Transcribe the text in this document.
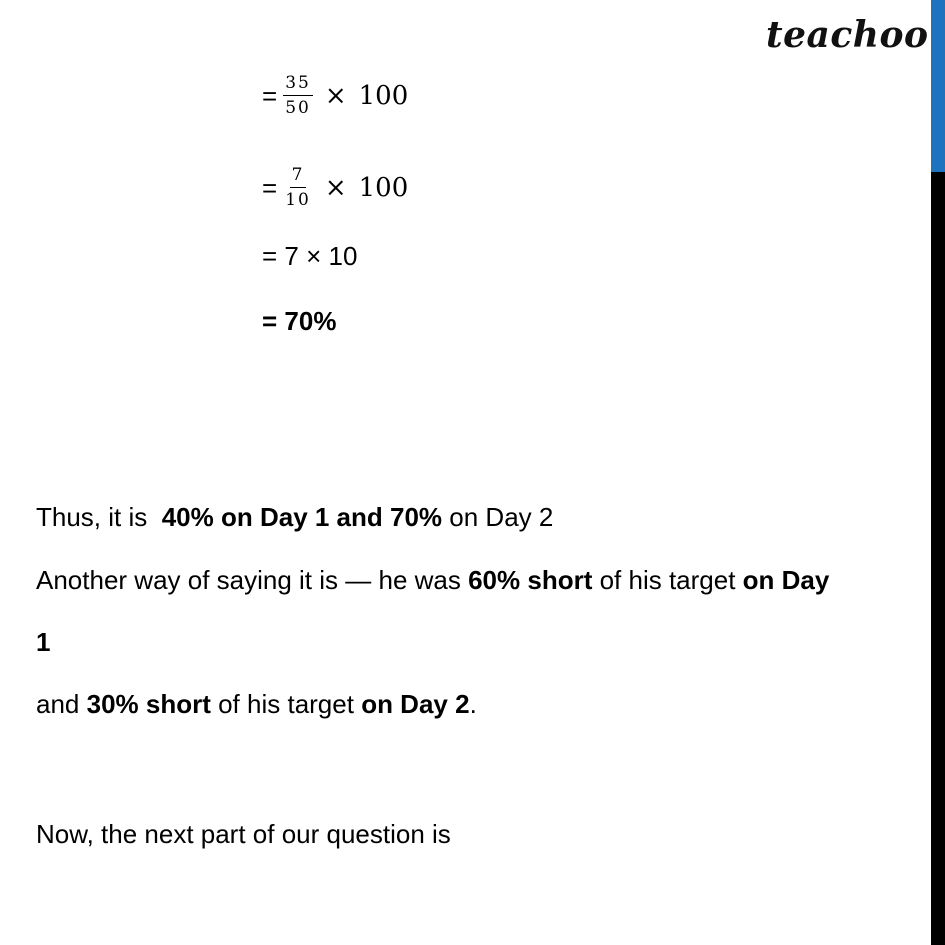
teachoo
= $\frac{35}{50} \times 100$
= $\frac{7}{10} \times 100$
= 7 × 10
= 70%
Thus, it is  40% on Day 1 and 70% on Day 2
Another way of saying it is — he was 60% short of his target on Day
1
and 30% short of his target on Day 2.
Now, the next part of our question is
